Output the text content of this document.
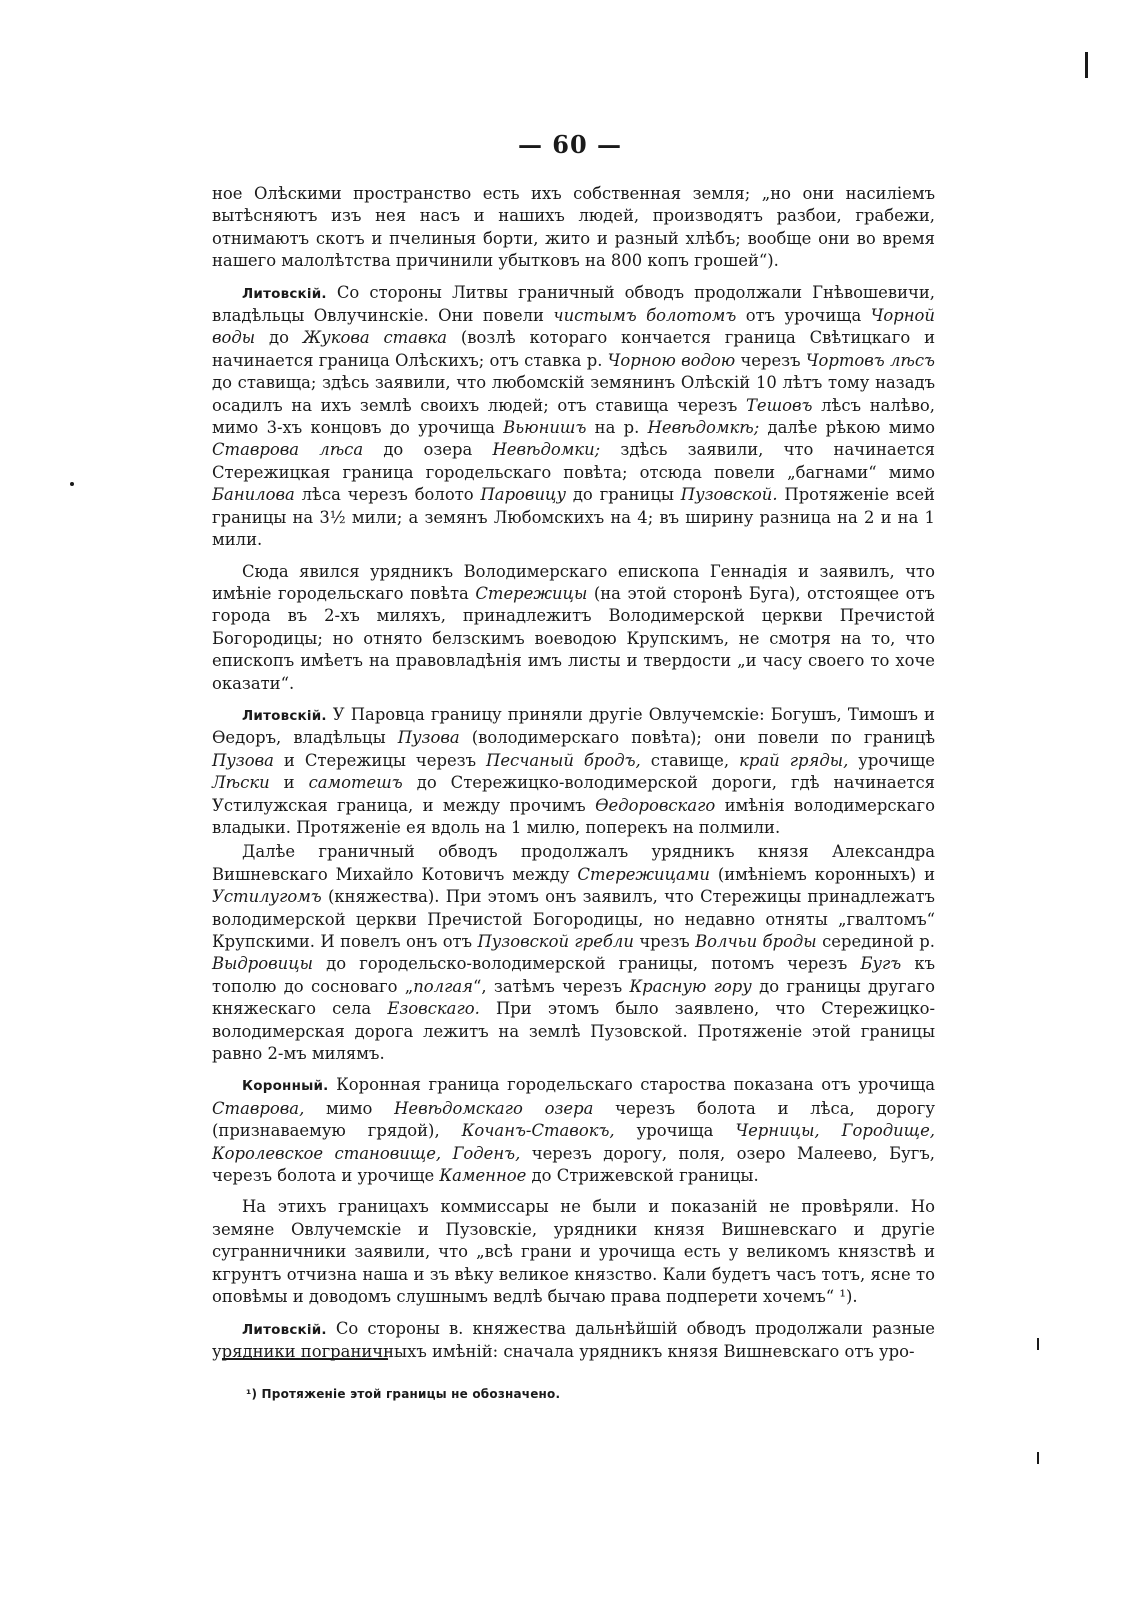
— 60 —

ное Олѣскими пространство есть ихъ собственная земля; „но они насиліемъ вытѣсняютъ изъ нея насъ и нашихъ людей, производятъ разбои, грабежи, отнимаютъ скотъ и пчелиныя борти, жито и разный хлѣбъ; вообще они во время нашего малолѣтства причинили убытковъ на 800 копъ грошей“).

Литовскій. Со стороны Литвы граничный обводъ продолжали Гнѣвошевичи, владѣльцы Овлучинскіе. Они повели чистымъ болотомъ отъ урочища Чорной воды до Жукова ставка (возлѣ котораго кончается граница Свѣтицкаго и начинается граница Олѣскихъ; отъ ставка р. Чорною водою черезъ Чортовъ лѣсъ до ставища; здѣсь заявили, что любомскій земянинъ Олѣскій 10 лѣтъ тому назадъ осадилъ на ихъ землѣ своихъ людей; отъ ставища черезъ Тешовъ лѣсъ налѣво, мимо 3-хъ концовъ до урочища Вьюнишъ на р. Невѣдомкѣ; далѣе рѣкою мимо Ставрова лѣса до озера Невѣдомки; здѣсь заявили, что начинается Стережицкая граница городельскаго повѣта; отсюда повели „багнами“ мимо Банилова лѣса черезъ болото Паровицу до границы Пузовской. Протяженіе всей границы на 3½ мили; а земянъ Любомскихъ на 4; въ ширину разница на 2 и на 1 мили.

Сюда явился урядникъ Володимерскаго епископа Геннадія и заявилъ, что имѣніе городельскаго повѣта Стережицы (на этой сторонѣ Буга), отстоящее отъ города въ 2-хъ миляхъ, принадлежитъ Володимерской церкви Пречистой Богородицы; но отнято белзскимъ воеводою Крупскимъ, не смотря на то, что епископъ имѣетъ на правовладѣнія имъ листы и твердости „и часу своего то хоче оказати“.

Литовскій. У Паровца границу приняли другіе Овлучемскіе: Богушъ, Тимошъ и Өедоръ, владѣльцы Пузова (володимерскаго повѣта); они повели по границѣ Пузова и Стережицы черезъ Песчаный бродъ, ставище, край гряды, урочище Лѣски и самотешъ до Стережицко-володимерской дороги, гдѣ начинается Устилужская граница, и между прочимъ Өедоровскаго имѣнія володимерскаго владыки. Протяженіе ея вдоль на 1 милю, поперекъ на полмили.

Далѣе граничный обводъ продолжалъ урядникъ князя Александра Вишневскаго Михайло Котовичъ между Стережицами (имѣніемъ коронныхъ) и Устилугомъ (княжества). При этомъ онъ заявилъ, что Стережицы принадлежатъ володимерской церкви Пречистой Богородицы, но недавно отняты „гвалтомъ“ Крупскими. И повелъ онъ отъ Пузовской гребли чрезъ Волчьи броды серединой р. Выдровицы до городельско-володимерской границы, потомъ черезъ Бугъ къ тополю до сосноваго „полгая“, затѣмъ черезъ Красную гору до границы другаго княжескаго села Езовскаго. При этомъ было заявлено, что Стережицко-володимерская дорога лежитъ на землѣ Пузовской. Протяженіе этой границы равно 2-мъ милямъ.

Коронный. Коронная граница городельскаго староства показана отъ урочища Ставрова, мимо Невѣдомскаго озера черезъ болота и лѣса, дорогу (признаваемую грядой), Кочанъ-Ставокъ, урочища Черницы, Городище, Королевское становище, Годенъ, черезъ дорогу, поля, озеро Малеево, Бугъ, черезъ болота и урочище Каменное до Стрижевской границы.

На этихъ границахъ коммиссары не были и показаній не провѣряли. Но земяне Овлучемскіе и Пузовскіе, урядники князя Вишневскаго и другіе сугранничники заявили, что „всѣ грани и урочища есть у великомъ князствѣ и кгрунтъ отчизна наша и зъ вѣку великое князство. Кали будетъ часъ тотъ, ясне то оповѣмы и доводомъ слушнымъ ведлѣ бычаю права подперети хочемъ“ ¹).

Литовскій. Со стороны в. княжества дальнѣйшій обводъ продолжали разные урядники пограничныхъ имѣній: сначала урядникъ князя Вишневскаго отъ уро-

¹) Протяженіе этой границы не обозначено.
